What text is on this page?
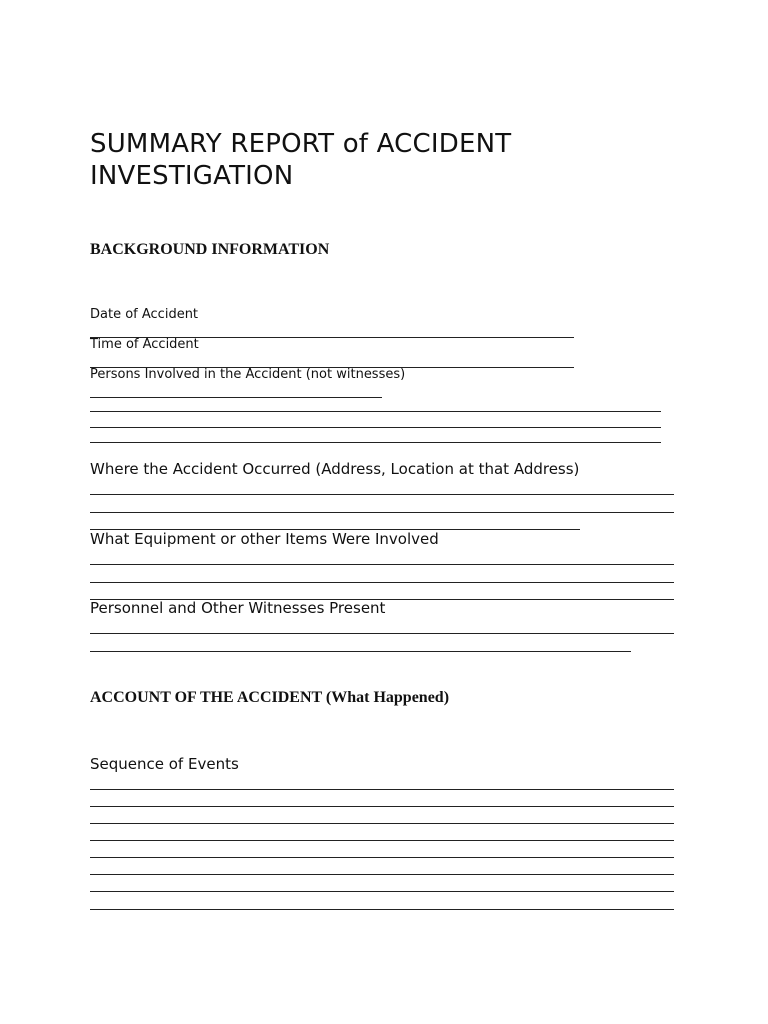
SUMMARY REPORT of ACCIDENT INVESTIGATION
BACKGROUND INFORMATION
Date of Accident
Time of Accident
Persons Involved in the Accident (not witnesses)
Where the Accident Occurred (Address, Location at that Address)
What Equipment or other Items Were Involved
Personnel and Other Witnesses Present
ACCOUNT OF THE ACCIDENT (What Happened)
Sequence of Events
